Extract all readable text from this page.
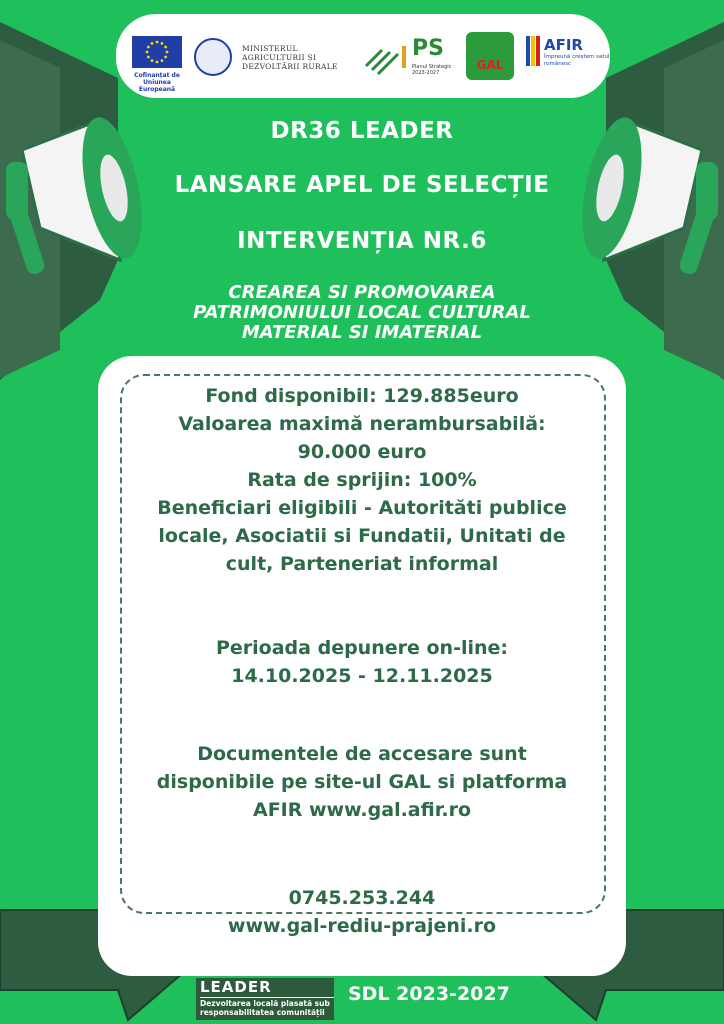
Cofinanțat de Uniunea Europeană
MINISTERUL AGRICULTURII ȘI DEZVOLTĂRII RURALE
PS
Planul Strategic 2023-2027
GAL
AFIR
Împreună creștem satul românesc
DR36 LEADER
LANSARE APEL DE SELECȚIE
INTERVENȚIA NR.6
CREAREA SI PROMOVAREA
PATRIMONIULUI LOCAL CULTURAL
MATERIAL SI IMATERIAL
Fond disponibil: 129.885euro
Valoarea maximă nerambursabilă:
90.000 euro
Rata de sprijin: 100%
Beneficiari eligibili - Autorităti publice
locale, Asociatii si Fundatii, Unitati de
cult, Parteneriat informal
Perioada depunere on-line:
14.10.2025 - 12.11.2025
Documentele de accesare sunt
disponibile pe site-ul GAL si platforma
AFIR www.gal.afir.ro
0745.253.244
www.gal-rediu-prajeni.ro
LEADER
Dezvoltarea locală plasată sub responsabilitatea comunității
SDL 2023-2027
